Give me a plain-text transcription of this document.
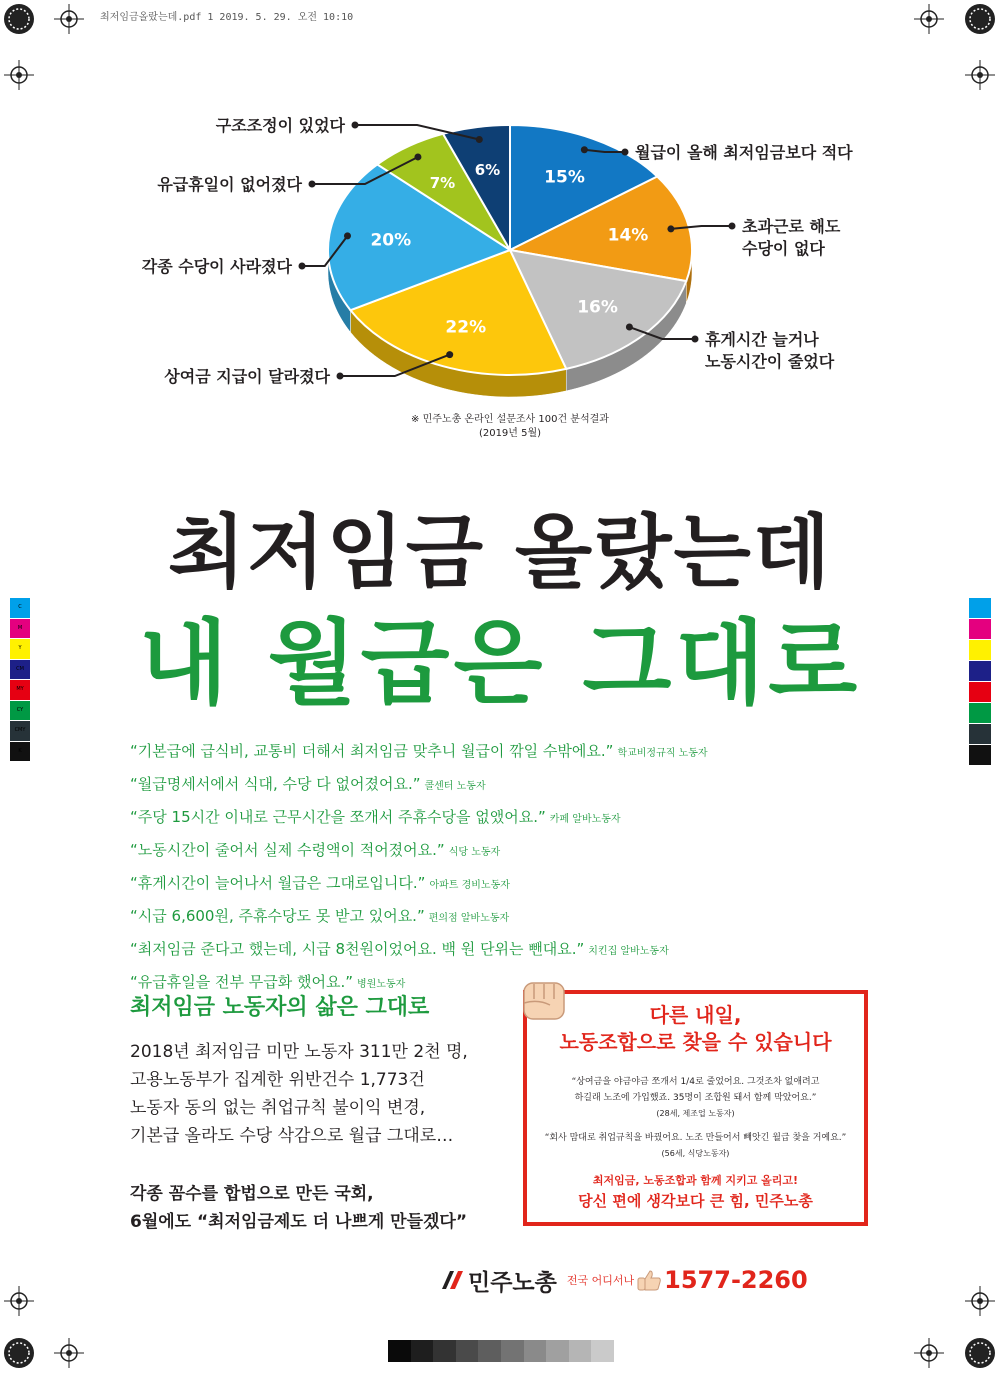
최저임금올랐는데.pdf 1 2019. 5. 29. 오전 10:10
15%
월급이 올해 최저임금보다 적다
14%	초과근로 해도
수당이 없다
16%
휴게시간 늘거나
노동시간이 줄었다
22%
상여금 지급이 달라졌다
20%
각종 수당이 사라졌다
7%
유급휴일이 없어졌다
6%
구조조정이 있었다
※ 민주노총 온라인 설문조사 100건 분석결과
(2019년 5월)
최저임금 올랐는데
내 월급은 그대로
C
M
Y
CM
MY
CY
CMY
K	“기본급에 급식비, 교통비 더해서 최저임금 맞추니 월급이 깎일 수밖에요.” 학교비정규직 노동자
“월급명세서에서 식대, 수당 다 없어졌어요.” 콜센터 노동자
“주당 15시간 이내로 근무시간을 쪼개서 주휴수당을 없앴어요.” 카페 알바노동자
“노동시간이 줄어서 실제 수령액이 적어졌어요.” 식당 노동자
“휴게시간이 늘어나서 월급은 그대로입니다.” 아파트 경비노동자
“시급 6,600원, 주휴수당도 못 받고 있어요.” 편의점 알바노동자
“최저임금 준다고 했는데, 시급 8천원이었어요. 백 원 단위는 뺀대요.” 치킨집 알바노동자
“유급휴일을 전부 무급화 했어요.” 병원노동자
최저임금 노동자의 삶은 그대로
2018년 최저임금 미만 노동자 311만 2천 명,
고용노동부가 집계한 위반건수 1,773건
노동자 동의 없는 취업규칙 불이익 변경,
기본급 올라도 수당 삭감으로 월급 그대로…
각종 꼼수를 합법으로 만든 국회,
6월에도 “최저임금제도 더 나쁘게 만들겠다”
다른 내일,
노동조합으로 찾을 수 있습니다
“상여금을 야금야금 쪼개서 1/4로 줄었어요. 그것조차 없애려고
하길래 노조에 가입했죠. 35명이 조합원 돼서 함께 막았어요.”
(28세, 제조업 노동자)
“회사 맘대로 취업규칙을 바꿨어요. 노조 만들어서 빼앗긴 월급 찾을 거예요.”
(56세, 식당노동자)
최저임금, 노동조합과 함께 지키고 올리고!
당신 편에 생각보다 큰 힘, 민주노총
민주노총 전국 어디서나 1577-2260
